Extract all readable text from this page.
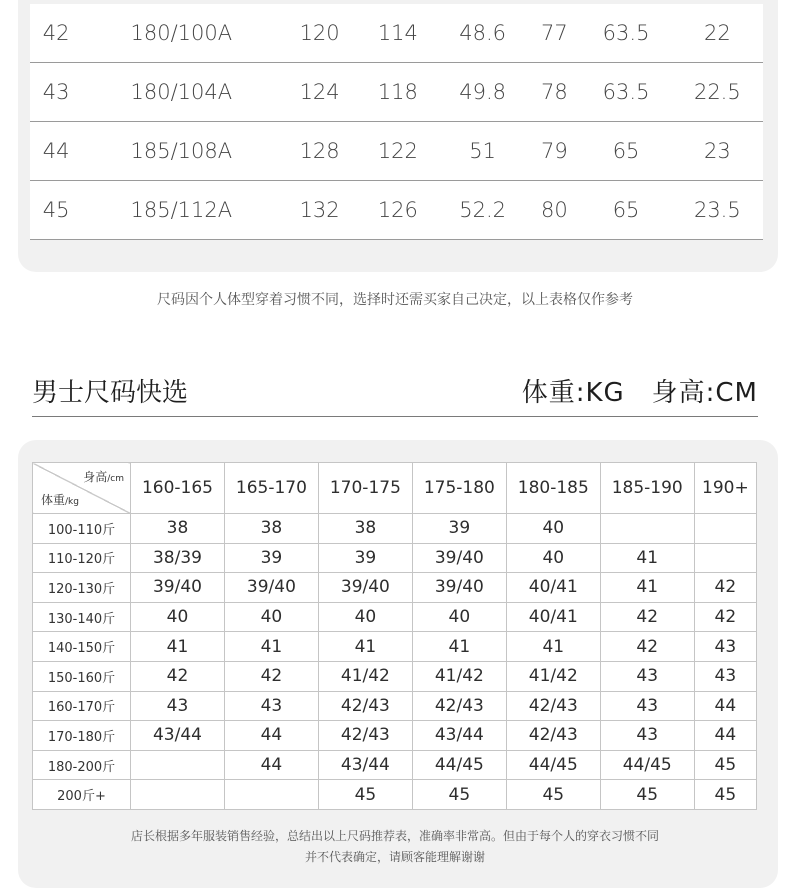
42	180/100A	120	114	48.6	77	63.5	22
43	180/104A	124	118	49.8	78	63.5	22.5
44	185/108A	128	122	51	79	65	23
45	185/112A	132	126	52.2	80	65	23.5
尺码因个人体型穿着习惯不同，选择时还需买家自己决定，以上表格仅作参考
男士尺码快选	体重:KG　身高:CM
身高/cm
体重/kg	160-165	165-170	170-175	175-180	180-185	185-190	190+
100-110斤	38	38	38	39	40		
110-120斤	38/39	39	39	39/40	40	41	
120-130斤	39/40	39/40	39/40	39/40	40/41	41	42
130-140斤	40	40	40	40	40/41	42	42
140-150斤	41	41	41	41	41	42	43
150-160斤	42	42	41/42	41/42	41/42	43	43
160-170斤	43	43	42/43	42/43	42/43	43	44
170-180斤	43/44	44	42/43	43/44	42/43	43	44
180-200斤		44	43/44	44/45	44/45	44/45	45
200斤+			45	45	45	45	45
店长根据多年服装销售经验，总结出以上尺码推荐表，准确率非常高。但由于每个人的穿衣习惯不同
并不代表确定，请顾客能理解谢谢
